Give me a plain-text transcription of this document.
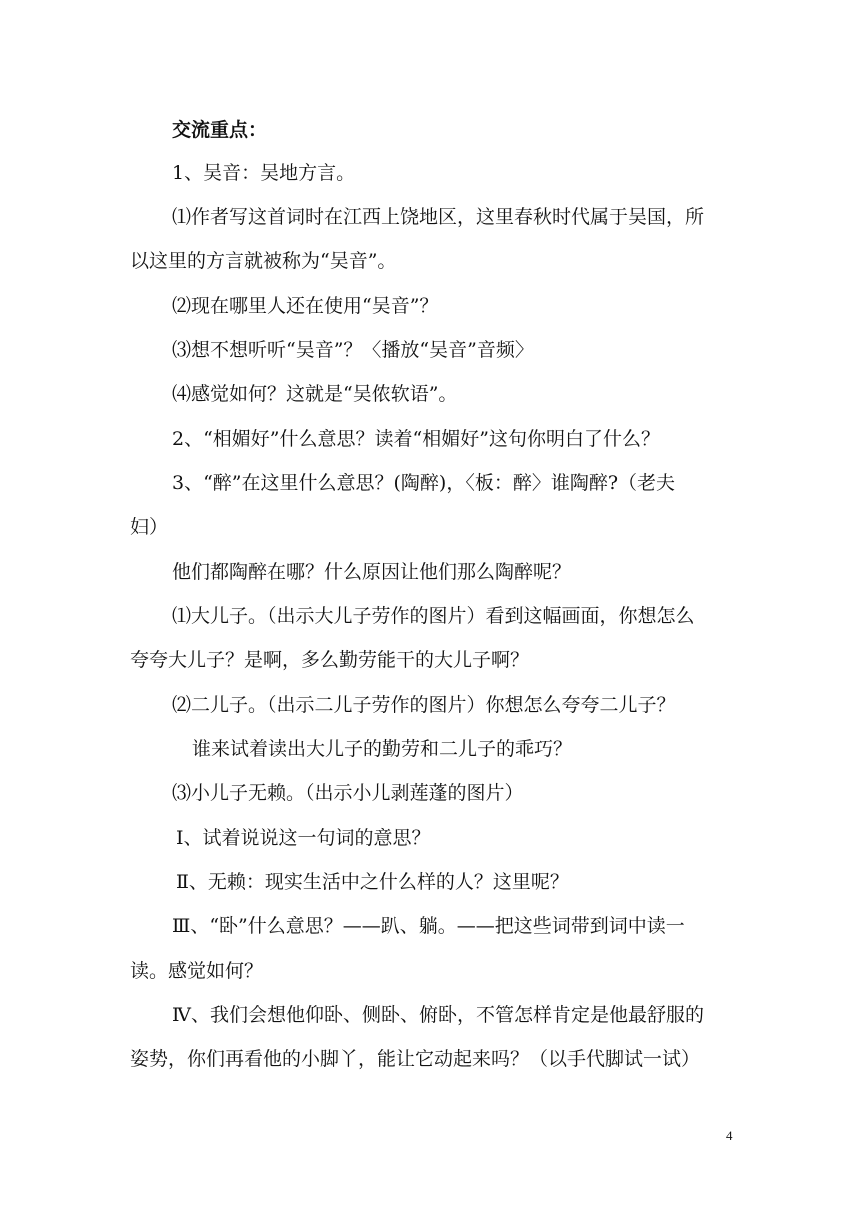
交流重点：
1、吴音：吴地方言。
⑴作者写这首词时在江西上饶地区，这里春秋时代属于吴国，所
以这里的方言就被称为“吴音”。
⑵现在哪里人还在使用“吴音”？
⑶想不想听听“吴音”？〈播放“吴音”音频〉
⑷感觉如何？这就是“吴侬软语”。
2、“相媚好”什么意思？读着“相媚好”这句你明白了什么？
3、“醉”在这里什么意思？(陶醉)，〈板：醉〉谁陶醉?（老夫
妇）
他们都陶醉在哪？什么原因让他们那么陶醉呢？
⑴大儿子。（出示大儿子劳作的图片）看到这幅画面，你想怎么
夸夸大儿子？是啊，多么勤劳能干的大儿子啊？
⑵二儿子。（出示二儿子劳作的图片）你想怎么夸夸二儿子？
谁来试着读出大儿子的勤劳和二儿子的乖巧？
⑶小儿子无赖。（出示小儿剥莲蓬的图片）
Ⅰ、试着说说这一句词的意思？
Ⅱ、无赖：现实生活中之什么样的人？这里呢？
Ⅲ、“卧”什么意思？——趴、躺。——把这些词带到词中读一
读。感觉如何？
Ⅳ、我们会想他仰卧、侧卧、俯卧，不管怎样肯定是他最舒服的
姿势，你们再看他的小脚丫，能让它动起来吗？（以手代脚试一试）
4
